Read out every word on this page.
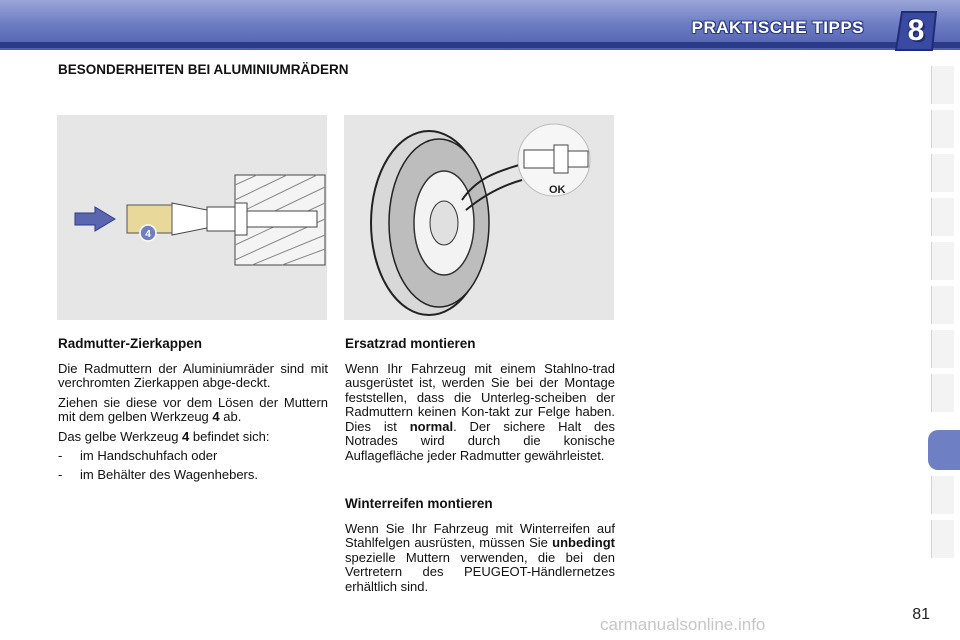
PRAKTISCHE TIPPS	8
BESONDERHEITEN BEI ALUMINIUMRÄDERN
4
OK
Radmutter-Zierkappen

Die Radmuttern der Aluminiumräder sind mit verchromten Zierkappen abge-deckt.

Ziehen sie diese vor dem Lösen der Muttern mit dem gelben Werkzeug 4 ab.

Das gelbe Werkzeug 4 befindet sich:

- im Handschuhfach oder
- im Behälter des Wagenhebers.
Ersatzrad montieren

Wenn Ihr Fahrzeug mit einem Stahlno-trad ausgerüstet ist, werden Sie bei der Montage feststellen, dass die Unterleg-scheiben der Radmuttern keinen Kon-takt zur Felge haben. Dies ist normal. Der sichere Halt des Notrades wird durch die konische Auflagefläche jeder Radmutter gewährleistet.

Winterreifen montieren

Wenn Sie Ihr Fahrzeug mit Winterreifen auf Stahlfelgen ausrüsten, müssen Sie unbedingt spezielle Muttern verwenden, die bei den Vertretern des PEUGEOT-Händlernetzes erhältlich sind.

81
carmanualsonline.info
